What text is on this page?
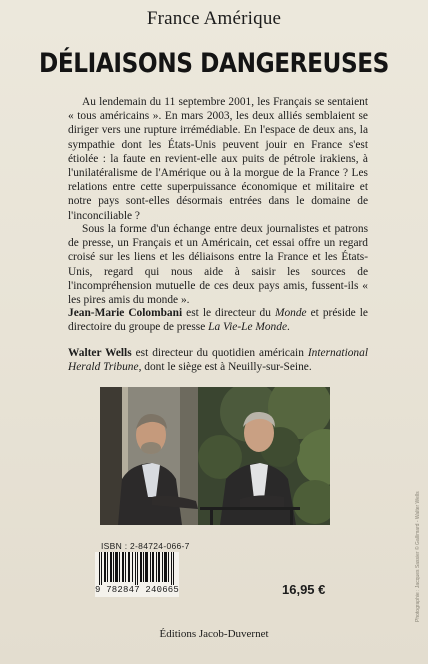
France Amérique
DÉLIAISONS DANGEREUSES
Au lendemain du 11 septembre 2001, les Français se sentaient « tous américains ». En mars 2003, les deux alliés semblaient se diriger vers une rupture irrémédiable. En l'espace de deux ans, la sympathie dont les États-Unis peuvent jouir en France s'est étiolée : la faute en revient-elle aux puits de pétrole irakiens, à l'unilatéralisme de l'Amérique ou à la morgue de la France ? Les relations entre cette superpuissance économique et militaire et notre pays sont-elles désormais entrées dans le domaine de l'inconciliable ?
Sous la forme d'un échange entre deux journalistes et patrons de presse, un Français et un Américain, cet essai offre un regard croisé sur les liens et les déliaisons entre la France et les États-Unis, regard qui nous aide à saisir les sources de l'incompréhension mutuelle de ces deux pays amis, fussent-ils « les pires amis du monde ».
Jean-Marie Colombani est le directeur du Monde et préside le directoire du groupe de presse La Vie-Le Monde.
Walter Wells est directeur du quotidien américain International Herald Tribune, dont le siège est à Neuilly-sur-Seine.
ISBN : 2-84724-066-7
9 782847 240665	16,95 €
Éditions Jacob-Duvernet
Photographie : Jacques Sassier © Gallimard - Walter Wells
